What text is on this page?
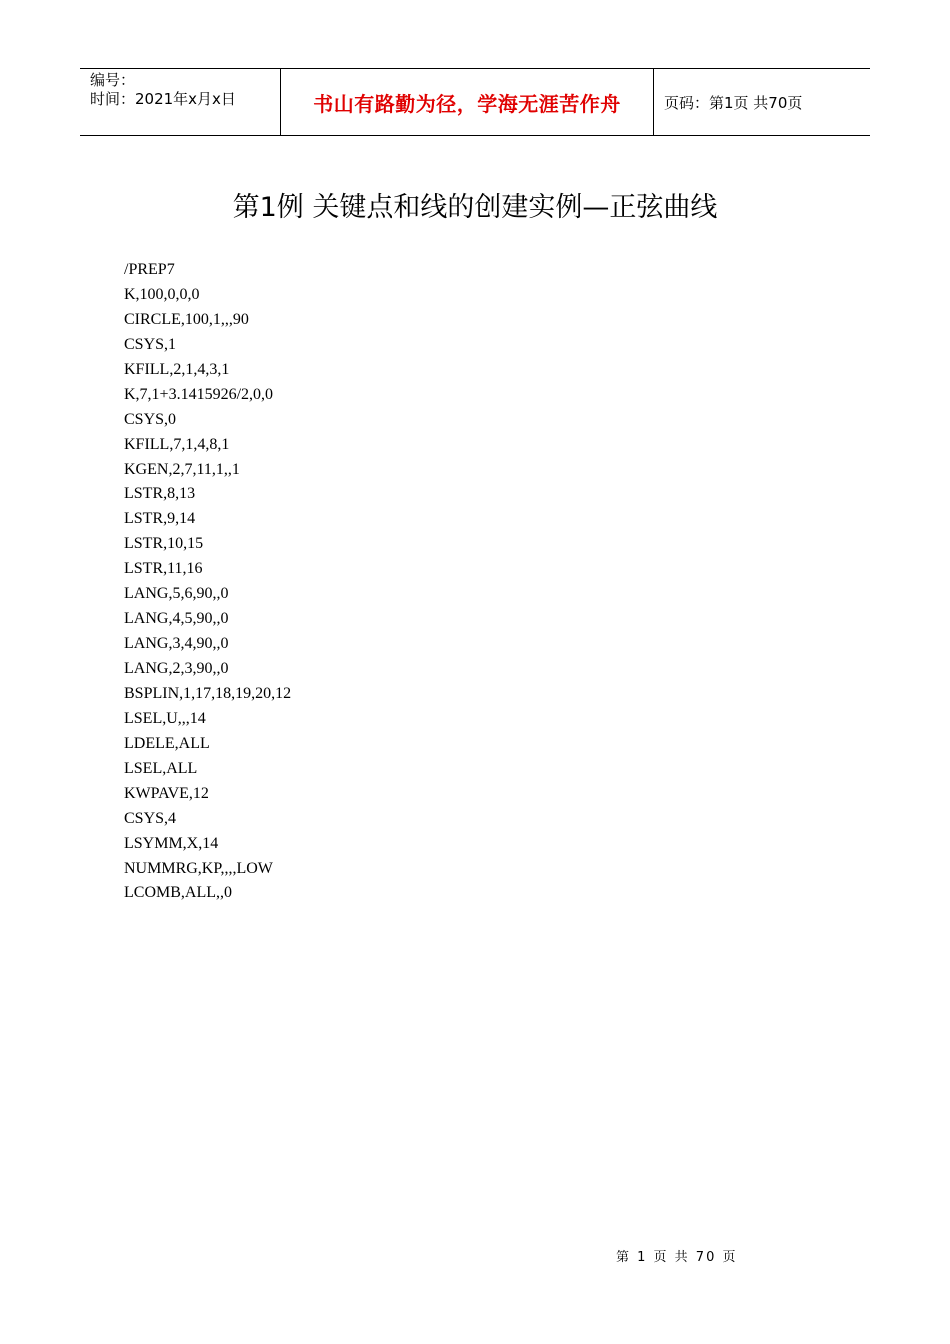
编号：
时间：2021年x月x日	书山有路勤为径，学海无涯苦作舟	页码：第1页 共70页
第1例 关键点和线的创建实例—正弦曲线
/PREP7
K,100,0,0,0
CIRCLE,100,1,,,90
CSYS,1
KFILL,2,1,4,3,1
K,7,1+3.1415926/2,0,0
CSYS,0
KFILL,7,1,4,8,1
KGEN,2,7,11,1,,1
LSTR,8,13
LSTR,9,14
LSTR,10,15
LSTR,11,16
LANG,5,6,90,,0
LANG,4,5,90,,0
LANG,3,4,90,,0
LANG,2,3,90,,0
BSPLIN,1,17,18,19,20,12
LSEL,U,,,14
LDELE,ALL
LSEL,ALL
KWPAVE,12
CSYS,4
LSYMM,X,14
NUMMRG,KP,,,,LOW
LCOMB,ALL,,0
第 1 页 共 70 页
